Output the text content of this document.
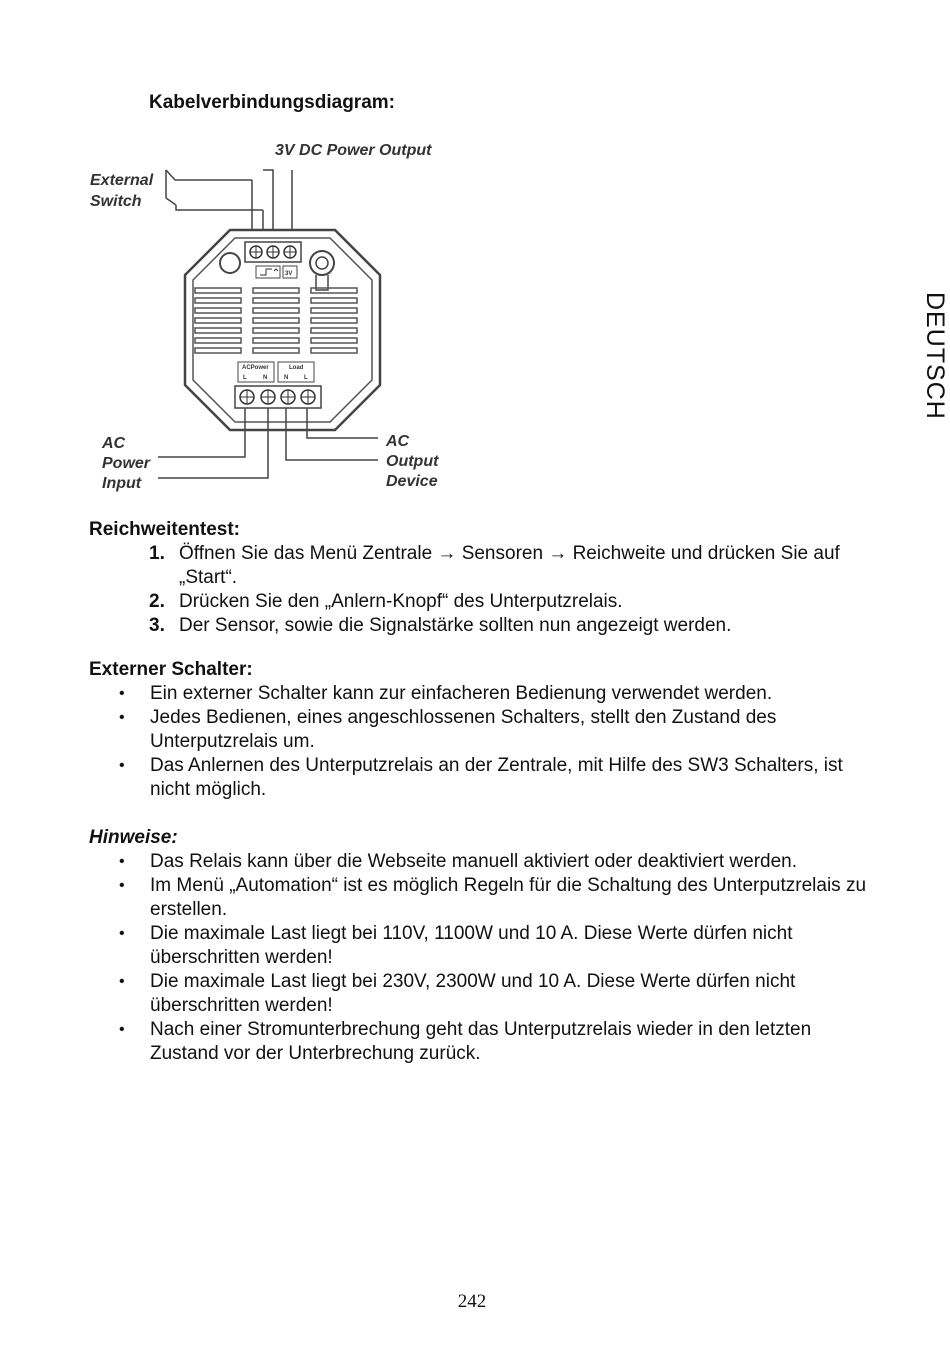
Kabelverbindungsdiagram:
DEUTSCH
3V
ACPower	Load
L	N	N	L
3V DC Power Output
External
Switch
AC
Power
Input
AC
Output
Device
Reichweitentest:
1. Öffnen Sie das Menü Zentrale → Sensoren → Reichweite und drücken Sie auf „Start“.
2. Drücken Sie den „Anlern-Knopf“ des Unterputzrelais.
3. Der Sensor, sowie die Signalstärke sollten nun angezeigt werden.
Externer Schalter:
• Ein externer Schalter kann zur einfacheren Bedienung verwendet werden.
• Jedes Bedienen, eines angeschlossenen Schalters, stellt den Zustand des Unterputzrelais um.
• Das Anlernen des Unterputzrelais an der Zentrale, mit Hilfe des SW3 Schalters, ist nicht möglich.
Hinweise:
• Das Relais kann über die Webseite manuell aktiviert oder deaktiviert werden.
• Im Menü „Automation“ ist es möglich Regeln für die Schaltung des Unterputzrelais zu erstellen.
• Die maximale Last liegt bei 110V, 1100W und 10 A. Diese Werte dürfen nicht überschritten werden!
• Die maximale Last liegt bei 230V, 2300W und 10 A. Diese Werte dürfen nicht überschritten werden!
• Nach einer Stromunterbrechung geht das Unterputzrelais wieder in den letzten Zustand vor der Unterbrechung zurück.
242
